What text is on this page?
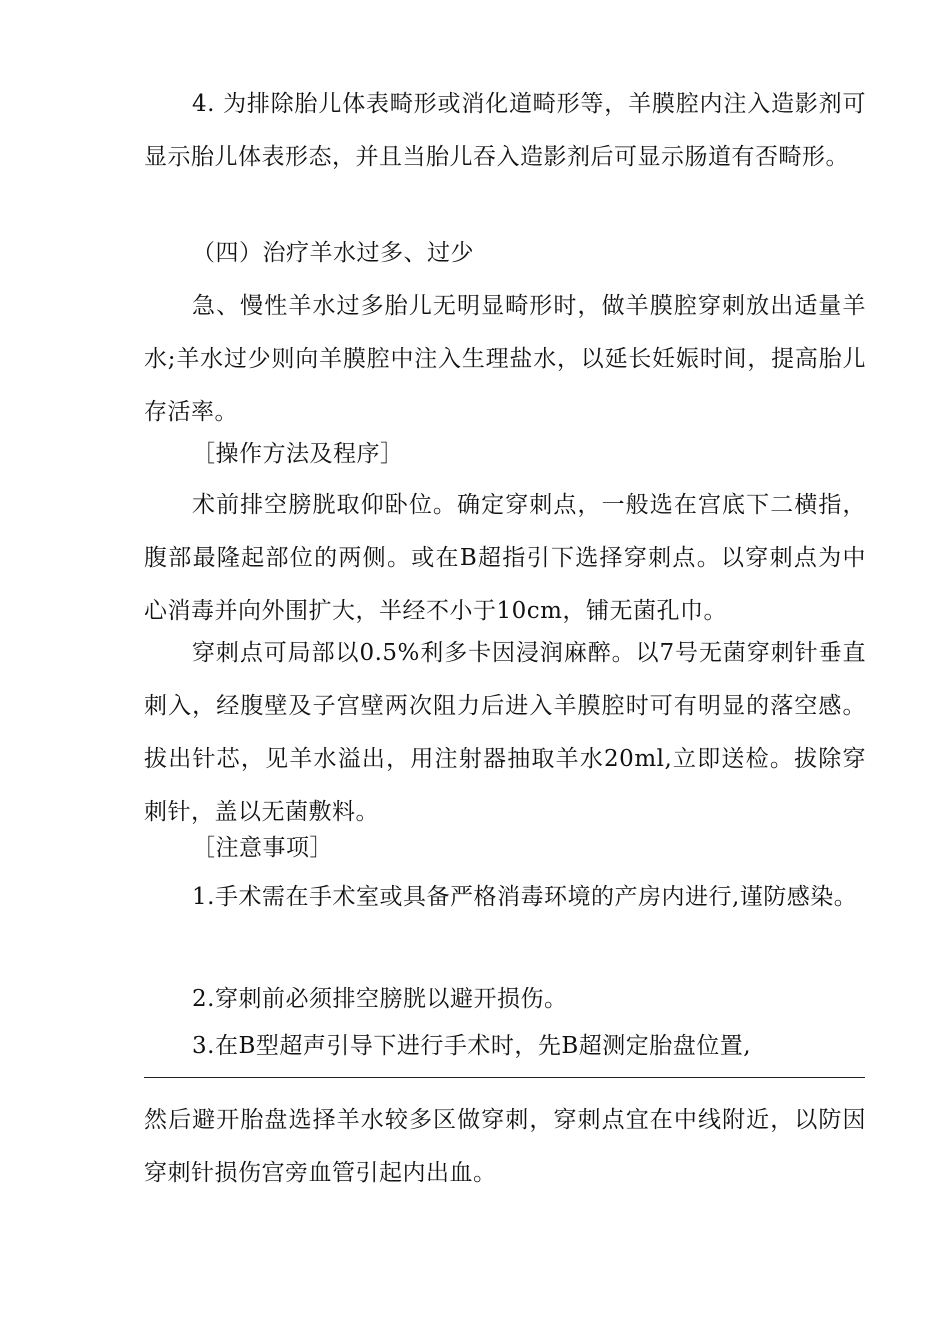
4. 为排除胎儿体表畸形或消化道畸形等，羊膜腔内注入造影剂可显示胎儿体表形态，并且当胎儿吞入造影剂后可显示肠道有否畸形。

（四）治疗羊水过多、过少

急、慢性羊水过多胎儿无明显畸形时，做羊膜腔穿刺放出适量羊水;羊水过少则向羊膜腔中注入生理盐水，以延长妊娠时间，提高胎儿存活率。

［操作方法及程序］

术前排空膀胱取仰卧位。确定穿刺点，一般选在宫底下二横指，腹部最隆起部位的两侧。或在B超指引下选择穿刺点。以穿刺点为中心消毒并向外围扩大，半经不小于10cm，铺无菌孔巾。

穿刺点可局部以0.5%利多卡因浸润麻醉。以7号无菌穿刺针垂直刺入，经腹壁及子宫壁两次阻力后进入羊膜腔时可有明显的落空感。拔出针芯，见羊水溢出，用注射器抽取羊水20ml,立即送检。拔除穿刺针，盖以无菌敷料。

［注意事项］

1.手术需在手术室或具备严格消毒环境的产房内进行,谨防感染。

2.穿刺前必须排空膀胱以避开损伤。

3.在B型超声引导下进行手术时，先B超测定胎盘位置,

然后避开胎盘选择羊水较多区做穿刺，穿刺点宜在中线附近，以防因穿刺针损伤宫旁血管引起内出血。
